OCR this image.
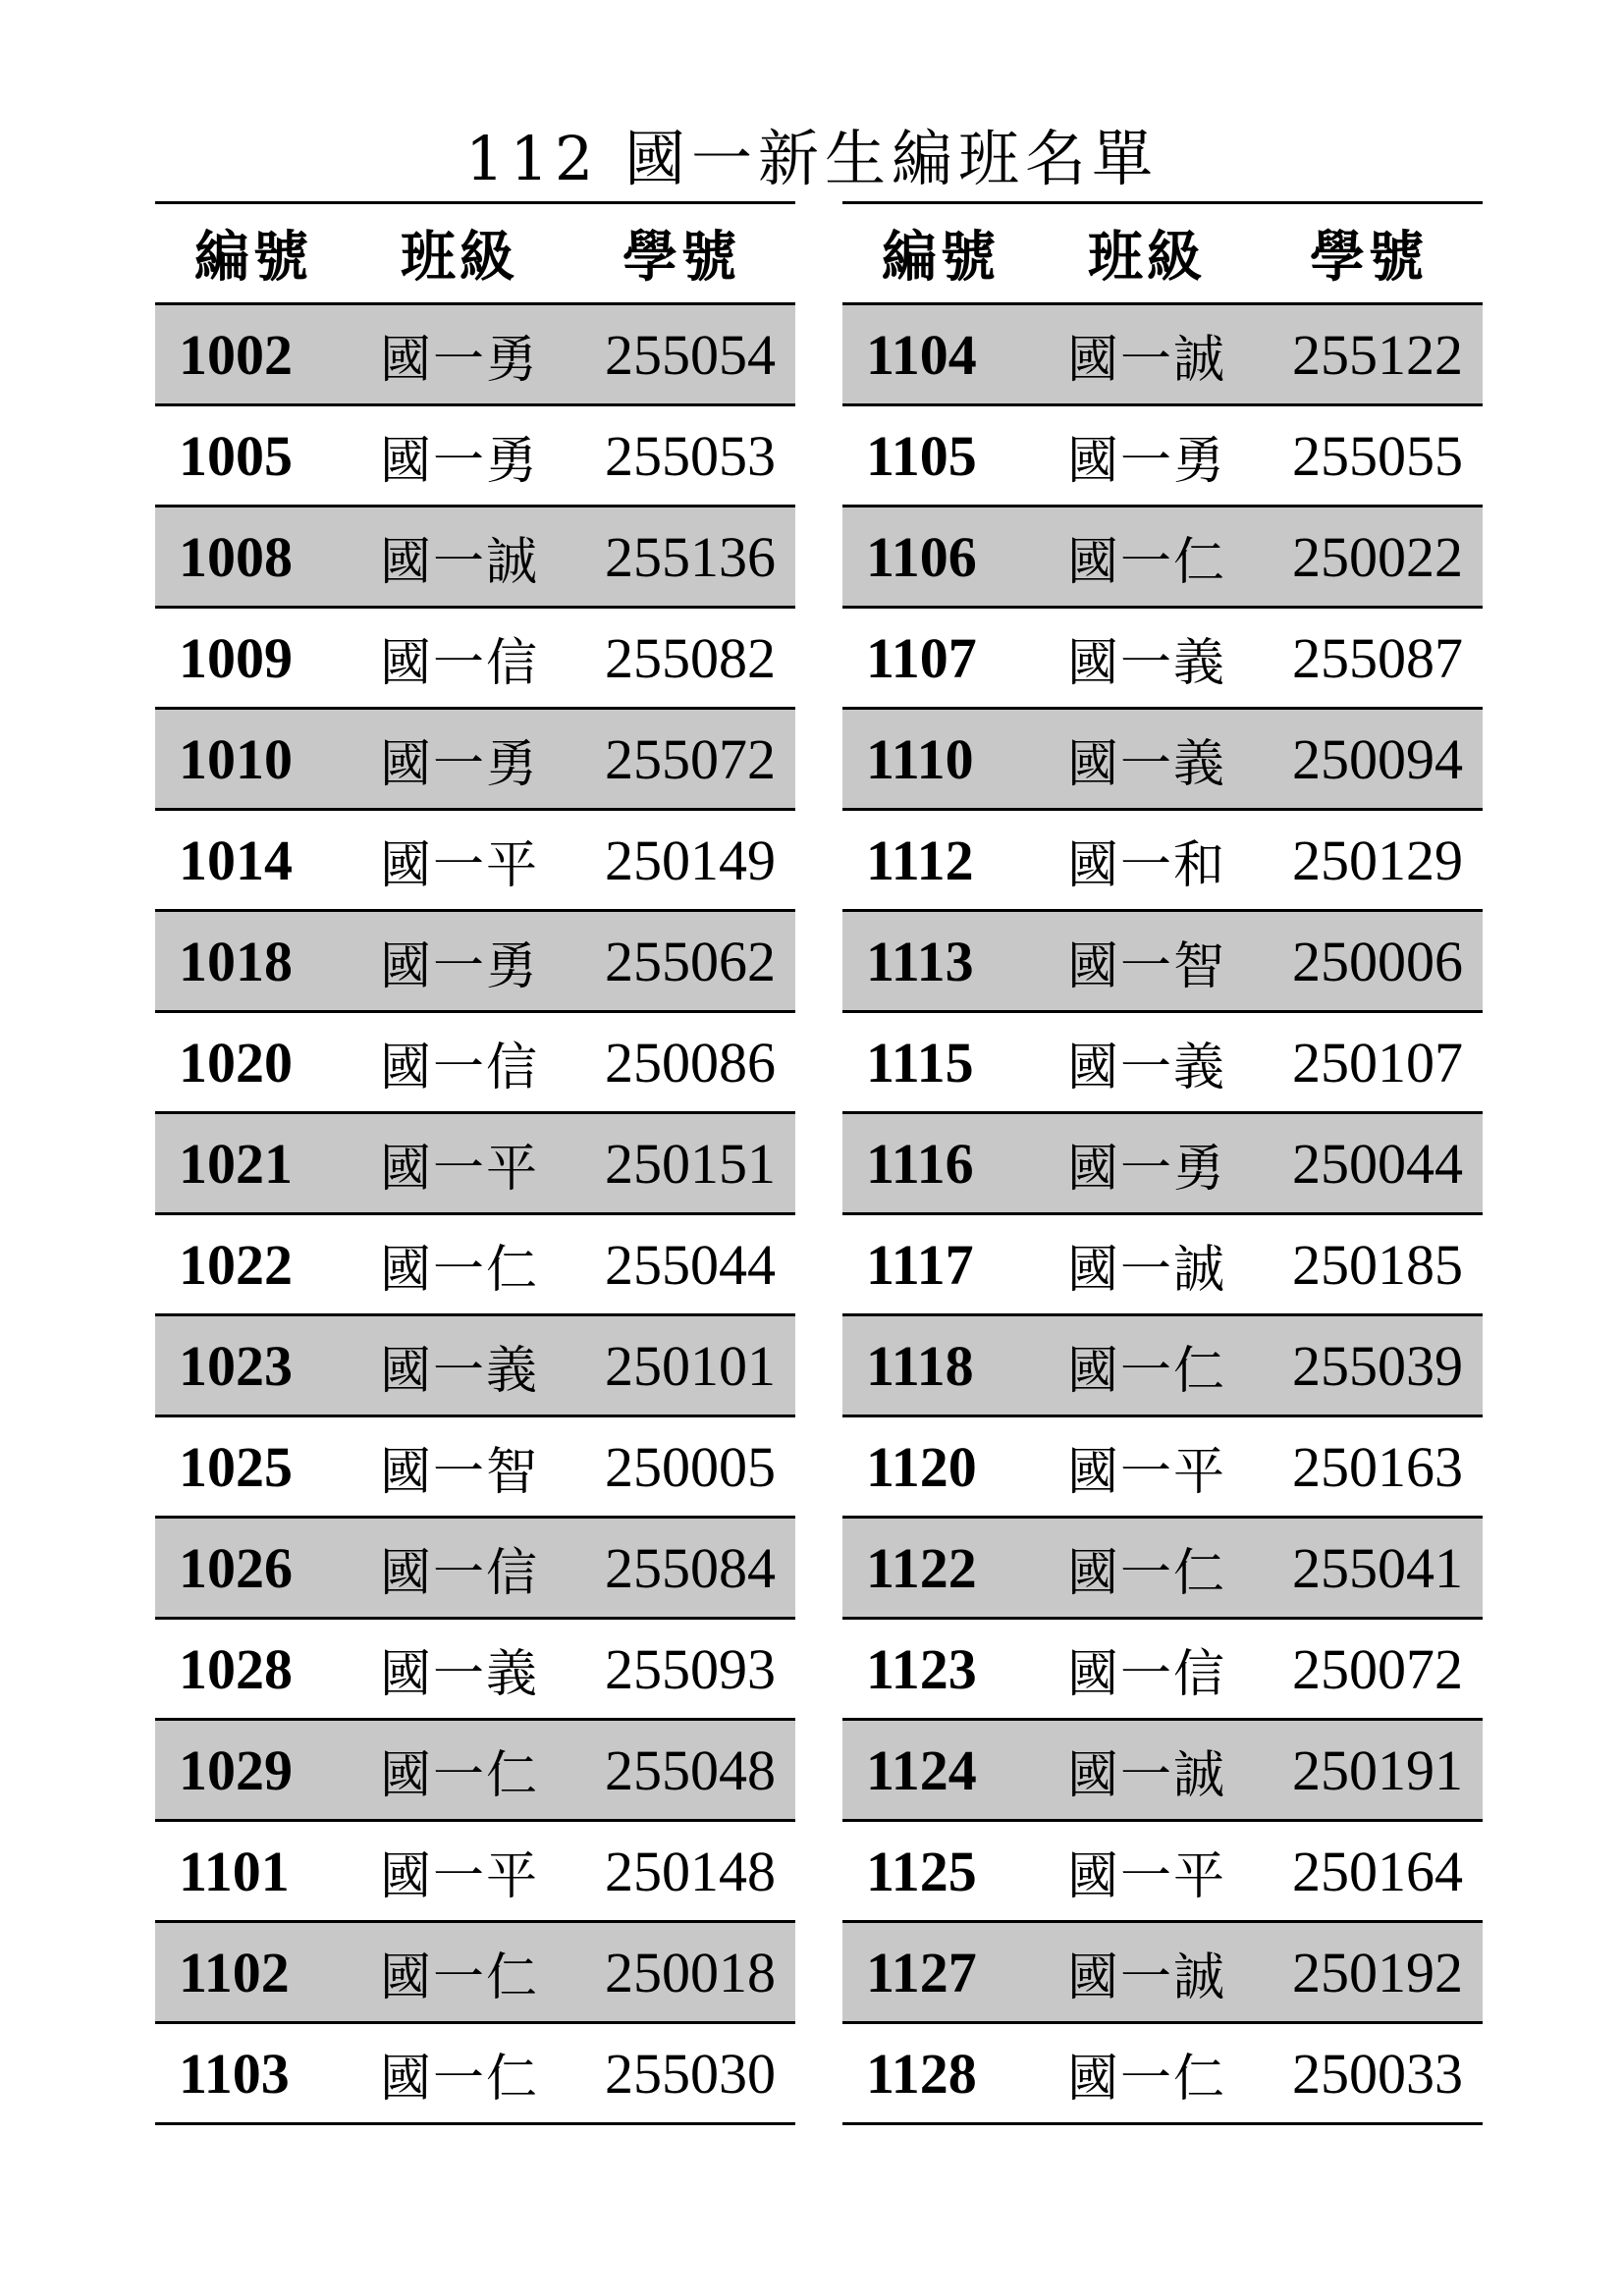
112 國一新生編班名單
編號	班級	學號
1002	國一勇	255054
1005	國一勇	255053
1008	國一誠	255136
1009	國一信	255082
1010	國一勇	255072
1014	國一平	250149
1018	國一勇	255062
1020	國一信	250086
1021	國一平	250151
1022	國一仁	255044
1023	國一義	250101
1025	國一智	250005
1026	國一信	255084
1028	國一義	255093
1029	國一仁	255048
1101	國一平	250148
1102	國一仁	250018
1103	國一仁	255030
編號	班級	學號
1104	國一誠	255122
1105	國一勇	255055
1106	國一仁	250022
1107	國一義	255087
1110	國一義	250094
1112	國一和	250129
1113	國一智	250006
1115	國一義	250107
1116	國一勇	250044
1117	國一誠	250185
1118	國一仁	255039
1120	國一平	250163
1122	國一仁	255041
1123	國一信	250072
1124	國一誠	250191
1125	國一平	250164
1127	國一誠	250192
1128	國一仁	250033
